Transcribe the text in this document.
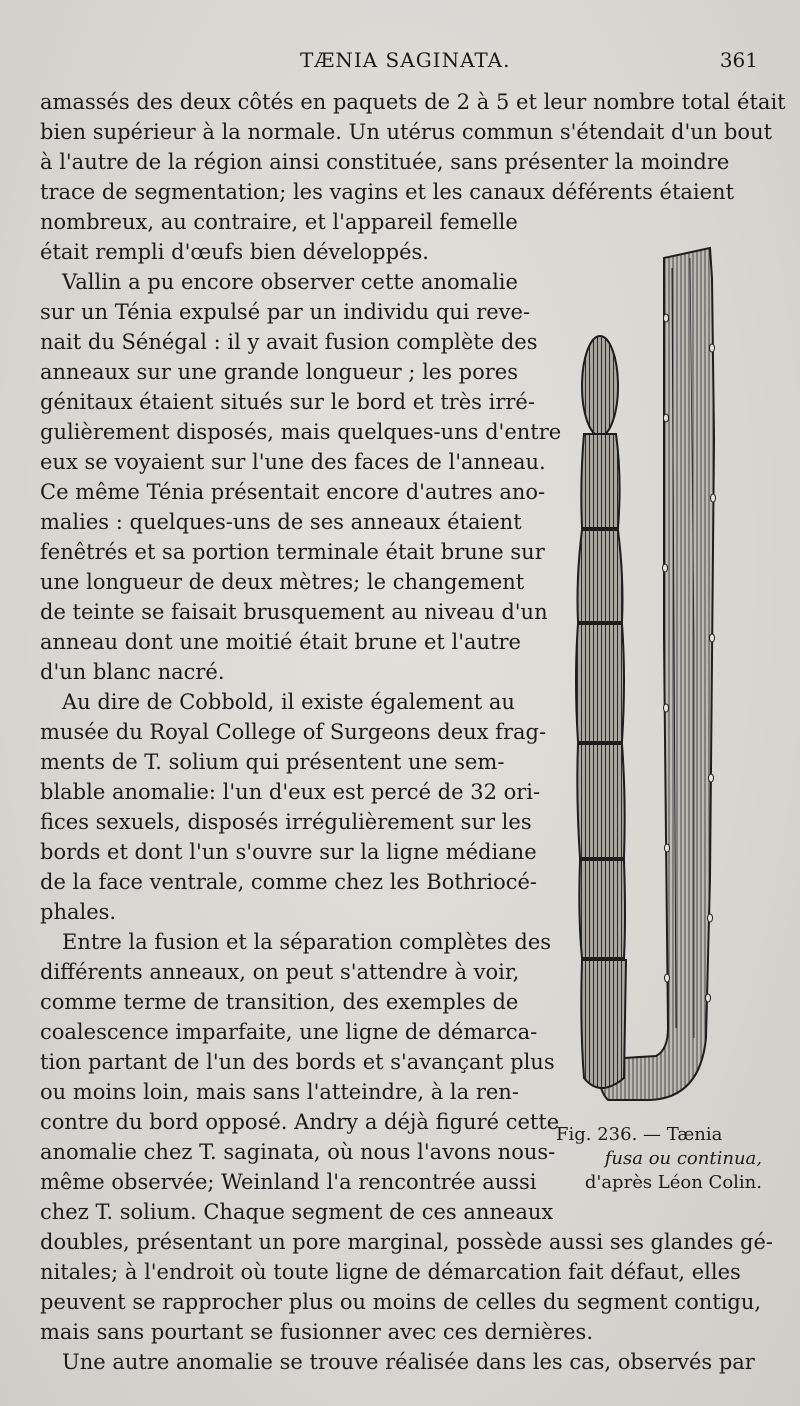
TÆNIA SAGINATA.	361
amassés des deux côtés en paquets de 2 à 5 et leur nombre total était
bien supérieur à la normale. Un utérus commun s'étendait d'un bout
à l'autre de la région ainsi constituée, sans présenter la moindre
trace de segmentation; les vagins et les canaux déférents étaient
nombreux, au contraire, et l'appareil femelle
était rempli d'œufs bien développés.
Vallin a pu encore observer cette anomalie
sur un Ténia expulsé par un individu qui reve-
nait du Sénégal : il y avait fusion complète des
anneaux sur une grande longueur ; les pores
génitaux étaient situés sur le bord et très irré-
gulièrement disposés, mais quelques-uns d'entre
eux se voyaient sur l'une des faces de l'anneau.
Ce même Ténia présentait encore d'autres ano-
malies : quelques-uns de ses anneaux étaient
fenêtrés et sa portion terminale était brune sur
une longueur de deux mètres; le changement
de teinte se faisait brusquement au niveau d'un
anneau dont une moitié était brune et l'autre
d'un blanc nacré.
Au dire de Cobbold, il existe également au
musée du Royal College of Surgeons deux frag-
ments de T. solium qui présentent une sem-
blable anomalie: l'un d'eux est percé de 32 ori-
fices sexuels, disposés irrégulièrement sur les
bords et dont l'un s'ouvre sur la ligne médiane
de la face ventrale, comme chez les Bothriocé-
phales.
Entre la fusion et la séparation complètes des
différents anneaux, on peut s'attendre à voir,
comme terme de transition, des exemples de
coalescence imparfaite, une ligne de démarca-
tion partant de l'un des bords et s'avançant plus
ou moins loin, mais sans l'atteindre, à la ren-
contre du bord opposé. Andry a déjà figuré cette
anomalie chez T. saginata, où nous l'avons nous-
même observée; Weinland l'a rencontrée aussi
chez T. solium. Chaque segment de ces anneaux
doubles, présentant un pore marginal, possède aussi ses glandes gé-
nitales; à l'endroit où toute ligne de démarcation fait défaut, elles
peuvent se rapprocher plus ou moins de celles du segment contigu,
mais sans pourtant se fusionner avec ces dernières.
Une autre anomalie se trouve réalisée dans les cas, observés par
Fig. 236. — Tænia
fusa ou continua,
d'après Léon Colin.
